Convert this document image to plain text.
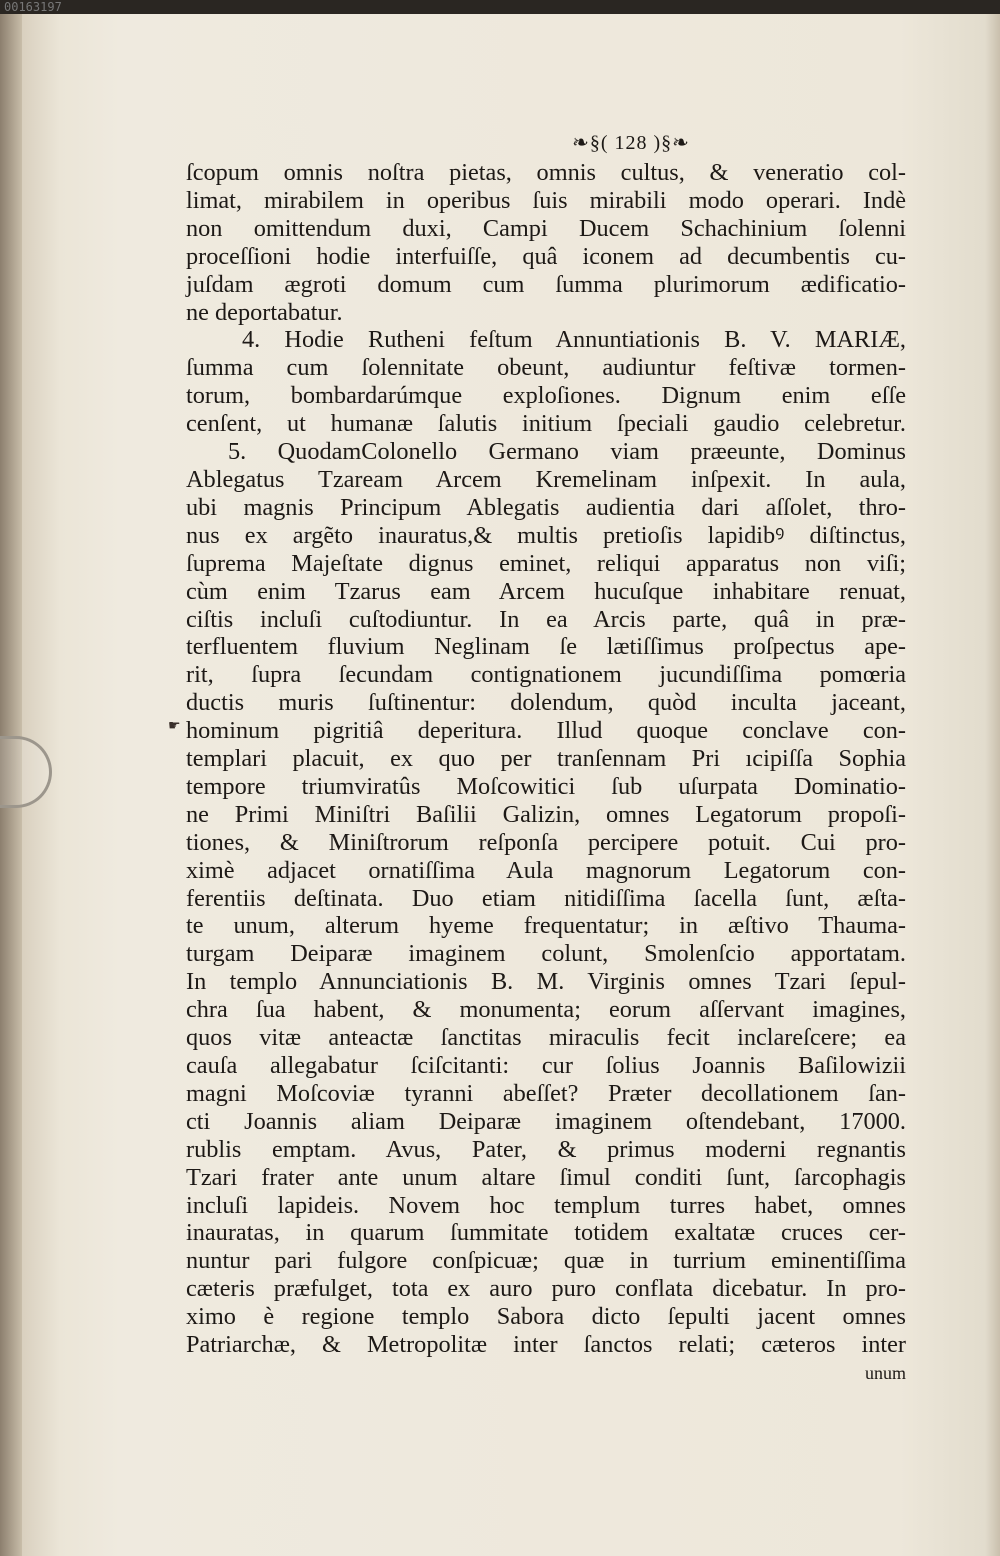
00163197
☛
❧§( 128 )§❧
ſcopum omnis noſtra pietas, omnis cultus, & veneratio col-
limat, mirabilem in operibus ſuis mirabili modo operari. Indè
non omittendum duxi, Campi Ducem Schachinium ſolenni
proceſſioni hodie interfuiſſe, quâ iconem ad decumbentis cu-
juſdam ægroti domum cum ſumma plurimorum ædificatio-
ne deportabatur.
4. Hodie Rutheni feſtum Annuntiationis B. V. MARIÆ,
ſumma cum ſolennitate obeunt, audiuntur feſtivæ tormen-
torum, bombardarúmque exploſiones. Dignum enim eſſe
cenſent, ut humanæ ſalutis initium ſpeciali gaudio celebretur.
5. QuodamColonello Germano viam præeunte, Dominus
Ablegatus Tzaream Arcem Kremelinam inſpexit. In aula,
ubi magnis Principum Ablegatis audientia dari aſſolet, thro-
nus ex argẽto inauratus,& multis pretioſis lapidibꝰ diſtinctus,
ſuprema Majeſtate dignus eminet, reliqui apparatus non viſi;
cùm enim Tzarus eam Arcem hucuſque inhabitare renuat,
ciſtis incluſi cuſtodiuntur. In ea Arcis parte, quâ in præ-
terfluentem fluvium Neglinam ſe lætiſſimus proſpectus ape-
rit, ſupra ſecundam contignationem jucundiſſima pomœria
ductis muris ſuſtinentur: dolendum, quòd inculta jaceant,
hominum pigritiâ deperitura. Illud quoque conclave con-
templari placuit, ex quo per tranſennam Pri ıcipiſſa Sophia
tempore triumviratûs Moſcowitici ſub uſurpata Dominatio-
ne Primi Miniſtri Baſilii Galizin, omnes Legatorum propoſi-
tiones, & Miniſtrorum reſponſa percipere potuit. Cui pro-
ximè adjacet ornatiſſima Aula magnorum Legatorum con-
ferentiis deſtinata. Duo etiam nitidiſſima ſacella ſunt, æſta-
te unum, alterum hyeme frequentatur; in æſtivo Thauma-
turgam Deiparæ imaginem colunt, Smolenſcio apportatam.
In templo Annunciationis B. M. Virginis omnes Tzari ſepul-
chra ſua habent, & monumenta; eorum aſſervant imagines,
quos vitæ anteactæ ſanctitas miraculis fecit inclareſcere; ea
cauſa allegabatur ſciſcitanti: cur ſolius Joannis Baſilowizii
magni Moſcoviæ tyranni abeſſet? Præter decollationem ſan-
cti Joannis aliam Deiparæ imaginem oſtendebant, 17000.
rublis emptam. Avus, Pater, & primus moderni regnantis
Tzari frater ante unum altare ſimul conditi ſunt, ſarcophagis
incluſi lapideis. Novem hoc templum turres habet, omnes
inauratas, in quarum ſummitate totidem exaltatæ cruces cer-
nuntur pari fulgore conſpicuæ; quæ in turrium eminentiſſima
cæteris præfulget, tota ex auro puro conflata dicebatur. In pro-
ximo è regione templo Sabora dicto ſepulti jacent omnes
Patriarchæ, & Metropolitæ inter ſanctos relati; cæteros inter
unum
